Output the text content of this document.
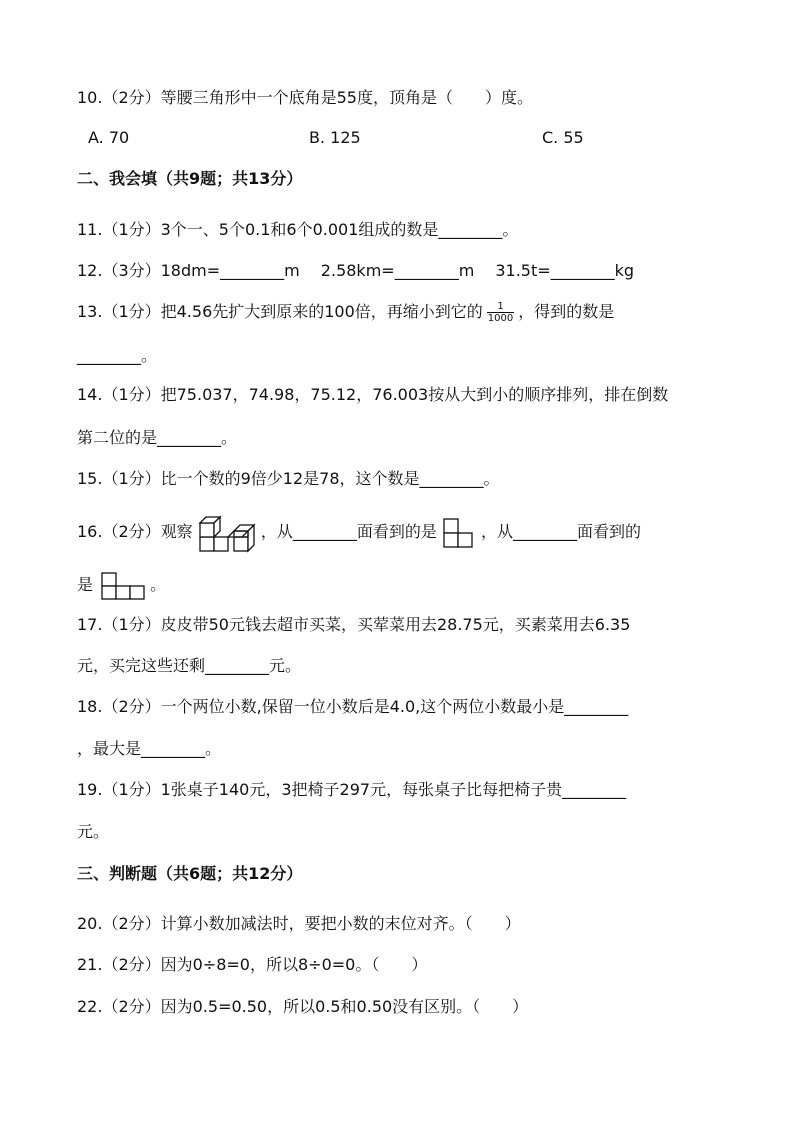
10.（2分）等腰三角形中一个底角是55度，顶角是（　　）度。
A. 70	B. 125	C. 55
二、我会填（共9题；共13分）
11.（1分）3个一、5个0.1和6个0.001组成的数是________。
12.（3分）18dm=________m　 2.58km=________m　 31.5t=________kg
13.（1分）把4.56先扩大到原来的100倍，再缩小到它的 $\frac{1}{1000}$ ，得到的数是
________。
14.（1分）把75.037，74.98，75.12，76.003按从大到小的顺序排列，排在倒数
第二位的是________。
15.（1分）比一个数的9倍少12是78，这个数是________。
16.（2分）观察	，从________面看到的是	，从________面看到的
是	。
17.（1分）皮皮带50元钱去超市买菜，买荤菜用去28.75元，买素菜用去6.35
元，买完这些还剩________元。
18.（2分）一个两位小数,保留一位小数后是4.0,这个两位小数最小是________
，最大是________。
19.（1分）1张桌子140元，3把椅子297元，每张桌子比每把椅子贵________
元。
三、判断题（共6题；共12分）
20.（2分）计算小数加减法时，要把小数的末位对齐。（　　）
21.（2分）因为0÷8=0，所以8÷0=0。（　　）
22.（2分）因为0.5=0.50，所以0.5和0.50没有区别。（　　）
